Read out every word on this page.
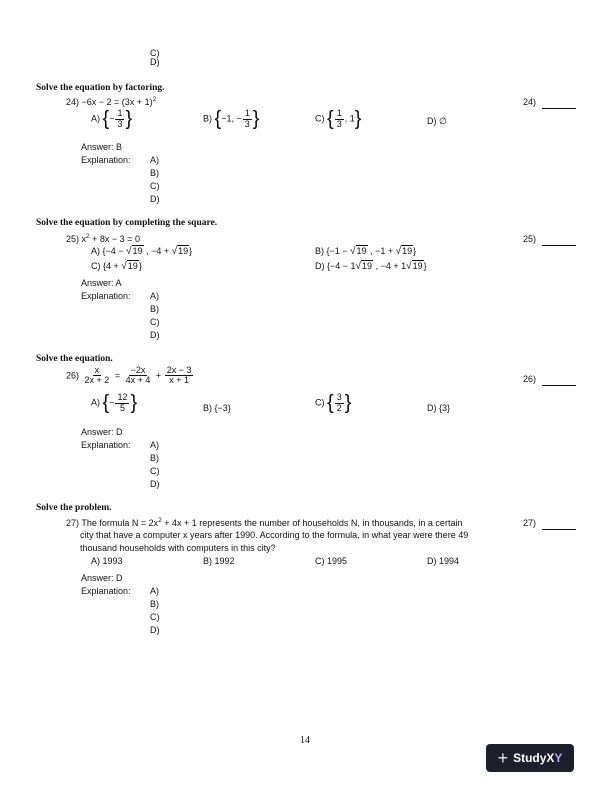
C)
D)
Solve the equation by factoring.
$24) -6x - 2 = (3x + 1)^2$	24)
A) {− $\frac{1}{3}$ }	B) {−1, − $\frac{1}{3}$ }	C) { $\frac{1}{3}$ , 1}	D) ∅
Answer: B
Explanation: A)
B)
C)
D)
Solve the equation by completing the square.
25) $x^2 + 8x - 3 = 0$	25)
A) {−4 − √19 , −4 + √19}	B) {−1 − √19 , −1 + √19}
C) {4 + √19}	D) {−4 − 1√19 , −4 + 1√19}
Answer: A
Explanation: A)
B)
C)
D)
Solve the equation.
$26) \frac{x}{2x + 2} = \frac{-2x}{4x + 4} + \frac{2x - 3}{x + 1}$	26)
A) {− $\frac{12}{5}$ }	B) {−3}
C) { $\frac{3}{2}$ }	D) {3}
Answer: D
Explanation: A)
B)
C)
D)
Solve the problem.
27) The formula $N = 2x^2 + 4x + 1$ represents the number of households N, in thousands, in a certain
city that have a computer x years after 1990. According to the formula, in what year were there 49
thousand households with computers in this city?
27)
A) 1993	B) 1992	C) 1995	D) 1994
Answer: D
Explanation: A)
B)
C)
D)
14
+ StudyX Y
